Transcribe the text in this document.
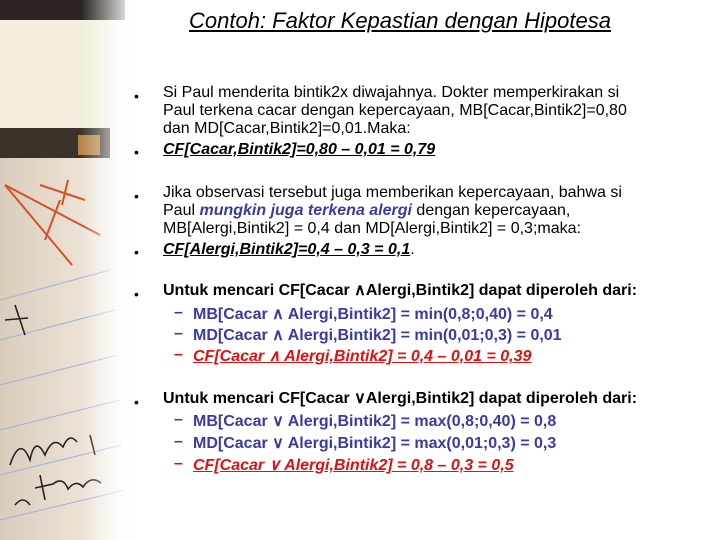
Contoh: Faktor Kepastian dengan Hipotesa
• Si Paul menderita bintik2x diwajahnya. Dokter memperkirakan si
Paul terkena cacar dengan kepercayaan, MB[Cacar,Bintik2]=0,80
dan MD[Cacar,Bintik2]=0,01.Maka:
• CF[Cacar,Bintik2]=0,80 – 0,01 = 0,79
• Jika observasi tersebut juga memberikan kepercayaan, bahwa si
Paul mungkin juga terkena alergi dengan kepercayaan,
MB[Alergi,Bintik2] = 0,4 dan MD[Alergi,Bintik2] = 0,3;maka:
• CF[Alergi,Bintik2]=0,4 – 0,3 = 0,1.
• Untuk mencari CF[Cacar ∧Alergi,Bintik2] dapat diperoleh dari:
– MB[Cacar ∧ Alergi,Bintik2] = min(0,8;0,40) = 0,4
– MD[Cacar ∧ Alergi,Bintik2] = min(0,01;0,3) = 0,01
– CF[Cacar ∧ Alergi,Bintik2] = 0,4 – 0,01 = 0,39
• Untuk mencari CF[Cacar ∨Alergi,Bintik2] dapat diperoleh dari:
– MB[Cacar ∨ Alergi,Bintik2] = max(0,8;0,40) = 0,8
– MD[Cacar ∨ Alergi,Bintik2] = max(0,01;0,3) = 0,3
– CF[Cacar ∨ Alergi,Bintik2] = 0,8 – 0,3 = 0,5
